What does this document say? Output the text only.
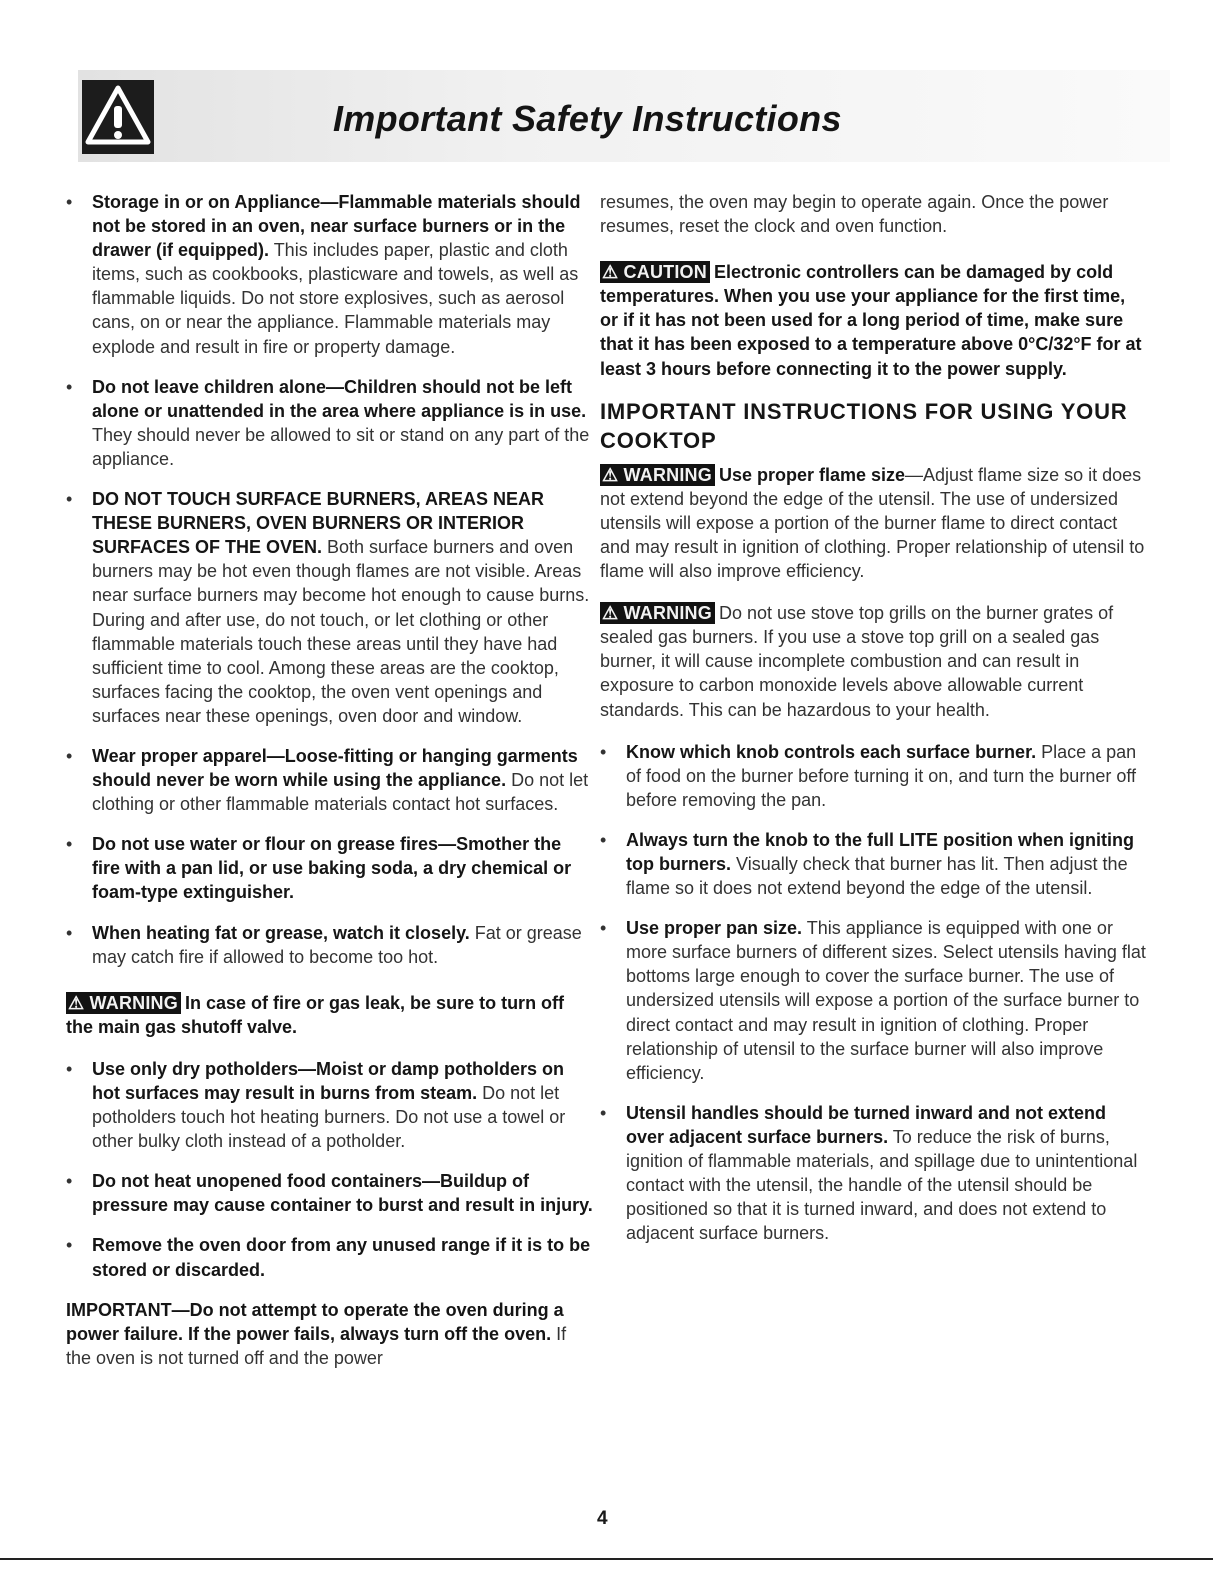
Important Safety Instructions
• Storage in or on Appliance—Flammable materials should not be stored in an oven, near surface burners or in the drawer (if equipped). This includes paper, plastic and cloth items, such as cookbooks, plasticware and towels, as well as flammable liquids. Do not store explosives, such as aerosol cans, on or near the appliance. Flammable materials may explode and result in fire or property damage.
• Do not leave children alone—Children should not be left alone or unattended in the area where appliance is in use. They should never be allowed to sit or stand on any part of the appliance.
• DO NOT TOUCH SURFACE BURNERS, AREAS NEAR THESE BURNERS, OVEN BURNERS OR INTERIOR SURFACES OF THE OVEN. Both surface burners and oven burners may be hot even though flames are not visible. Areas near surface burners may become hot enough to cause burns. During and after use, do not touch, or let clothing or other flammable materials touch these areas until they have had sufficient time to cool. Among these areas are the cooktop, surfaces facing the cooktop, the oven vent openings and surfaces near these openings, oven door and window.
• Wear proper apparel—Loose-fitting or hanging garments should never be worn while using the appliance. Do not let clothing or other flammable materials contact hot surfaces.
• Do not use water or flour on grease fires—Smother the fire with a pan lid, or use baking soda, a dry chemical or foam-type extinguisher.
• When heating fat or grease, watch it closely. Fat or grease may catch fire if allowed to become too hot.

⚠ WARNING In case of fire or gas leak, be sure to turn off the main gas shutoff valve.

• Use only dry potholders—Moist or damp potholders on hot surfaces may result in burns from steam. Do not let potholders touch hot heating burners. Do not use a towel or other bulky cloth instead of a potholder.
• Do not heat unopened food containers—Buildup of pressure may cause container to burst and result in injury.
• Remove the oven door from any unused range if it is to be stored or discarded.

IMPORTANT—Do not attempt to operate the oven during a power failure. If the power fails, always turn off the oven. If the oven is not turned off and the power

resumes, the oven may begin to operate again. Once the power resumes, reset the clock and oven function.

⚠ CAUTION Electronic controllers can be damaged by cold temperatures. When you use your appliance for the first time, or if it has not been used for a long period of time, make sure that it has been exposed to a temperature above 0°C/32°F for at least 3 hours before connecting it to the power supply.

IMPORTANT INSTRUCTIONS FOR USING YOUR COOKTOP

⚠ WARNING Use proper flame size—Adjust flame size so it does not extend beyond the edge of the utensil. The use of undersized utensils will expose a portion of the burner flame to direct contact and may result in ignition of clothing. Proper relationship of utensil to flame will also improve efficiency.

⚠ WARNING Do not use stove top grills on the burner grates of sealed gas burners. If you use a stove top grill on a sealed gas burner, it will cause incomplete combustion and can result in exposure to carbon monoxide levels above allowable current standards. This can be hazardous to your health.

• Know which knob controls each surface burner. Place a pan of food on the burner before turning it on, and turn the burner off before removing the pan.
• Always turn the knob to the full LITE position when igniting top burners. Visually check that burner has lit. Then adjust the flame so it does not extend beyond the edge of the utensil.
• Use proper pan size. This appliance is equipped with one or more surface burners of different sizes. Select utensils having flat bottoms large enough to cover the surface burner. The use of undersized utensils will expose a portion of the surface burner to direct contact and may result in ignition of clothing. Proper relationship of utensil to the surface burner will also improve efficiency.
• Utensil handles should be turned inward and not extend over adjacent surface burners. To reduce the risk of burns, ignition of flammable materials, and spillage due to unintentional contact with the utensil, the handle of the utensil should be positioned so that it is turned inward, and does not extend to adjacent surface burners.
4
